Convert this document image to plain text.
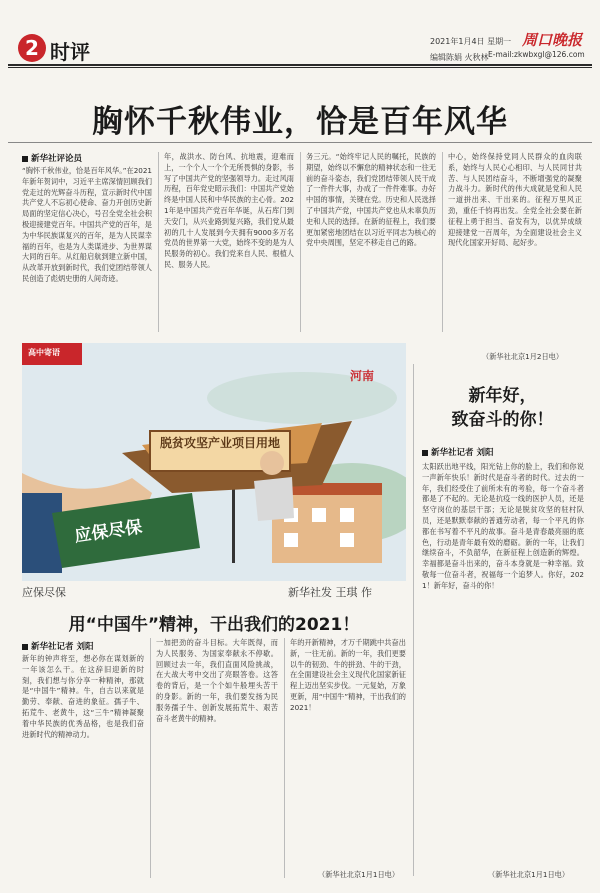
2 时评	2021年1月4日 星期一
编辑陈娟 火秋林
周口晚报
E-mail:zkwbxgl@126.com
胸怀千秋伟业，恰是百年风华
新华社评论员
“胸怀千秋伟业，恰是百年风华。”在2021年新年贺词中，习近平主席深情回顾我们党走过的光辉奋斗历程，宣示新时代中国共产党人不忘初心使命、奋力开创历史新局面的坚定信心决心，号召全党全社会积极迎接建党百年。中国共产党的百年，是为中华民族谋复兴的百年，是为人民谋幸福的百年，也是为人类谋进步、为世界谋大同的百年。从红船启航到建立新中国，从改革开放到新时代，我们党团结带领人民创造了彪炳史册的人间奇迹。
年，战洪水、防台风、抗地震，迎难而上，一个个人一个个无所畏惧的身影，书写了中国共产党的坚强领导力。走过风雨历程，百年党史昭示我们：中国共产党始终是中国人民和中华民族的主心骨。2021年是中国共产党百年华诞，从石库门到天安门，从兴业路到复兴路，我们党从最初的几十人发展到今天拥有9000多万名党员的世界第一大党，始终不变的是为人民服务的初心。我们党来自人民、根植人民、服务人民。
务三元。“始终牢记人民的嘱托，民族的期望，始终以不懈怠的精神状态和一往无前的奋斗姿态，我们党团结带领人民干成了一件件大事，办成了一件件难事。办好中国的事情，关键在党。历史和人民选择了中国共产党，中国共产党也从未辜负历史和人民的选择。在新的征程上，我们要更加紧密地团结在以习近平同志为核心的党中央周围，坚定不移走自己的路。
中心，始终保持党同人民群众的血肉联系，始终与人民心心相印、与人民同甘共苦、与人民团结奋斗，不断增强党的凝聚力战斗力。新时代的伟大成就是党和人民一道拼出来、干出来的。征程万里风正劲，重任千钧再出发。全党全社会要在新征程上勇于担当、奋发有为，以优异成绩迎接建党一百周年，为全面建设社会主义现代化国家开好局、起好步。
（新华社北京1月2日电）
高中寄语
河南
脱贫攻坚产业项目用地
应保尽保
应保尽保	新华社发 王琪 作
新年好，
致奋斗的你！
新华社记者 刘阳
太阳跃出地平线，阳光钻上你的脸上，我们和你说一声新年快乐！新时代是奋斗者的时代。过去的一年，我们经受住了前所未有的考验，每一个奋斗者都是了不起的。无论是抗疫一线的医护人员，还是坚守岗位的基层干部；无论是脱贫攻坚的驻村队员，还是默默奉献的普通劳动者，每一个平凡的你都在书写着不平凡的故事。奋斗是青春最亮丽的底色，行动是青年最有效的磨砺。新的一年，让我们继续奋斗，不负韶华，在新征程上创造新的辉煌。幸福都是奋斗出来的，奋斗本身就是一种幸福。致敬每一位奋斗者，祝福每一个追梦人。你好，2021！新年好，奋斗的你！
（新华社北京1月1日电）
用“中国牛”精神，干出我们的2021！
新华社记者 刘阳
新年的钟声将至，想必你在谋划新的一年该怎么干。在这辞旧迎新的时刻，我们想与你分享一种精神，那就是“中国牛”精神。牛，自古以来就是勤劳、奉献、奋进的象征。孺子牛、拓荒牛、老黄牛，这“三牛”精神凝聚着中华民族的优秀品格，也是我们奋进新时代的精神动力。
一加把劲的奋斗目标。大年既得，而为人民服务、为国家奉献永不停歇。回顾过去一年，我们直面风险挑战，在大战大考中交出了亮眼答卷。这答卷的背后，是一个个如牛般埋头苦干的身影。新的一年，我们要发扬为民服务孺子牛、创新发展拓荒牛、艰苦奋斗老黄牛的精神。
年的开新精神，才万千期跳中共奋出新，一往无前。新的一年，我们更要以牛的韧劲、牛的拼劲、牛的干劲，在全面建设社会主义现代化国家新征程上迈出坚实步伐。一元复始，万象更新，用“中国牛”精神，干出我们的2021！
（新华社北京1月1日电）
